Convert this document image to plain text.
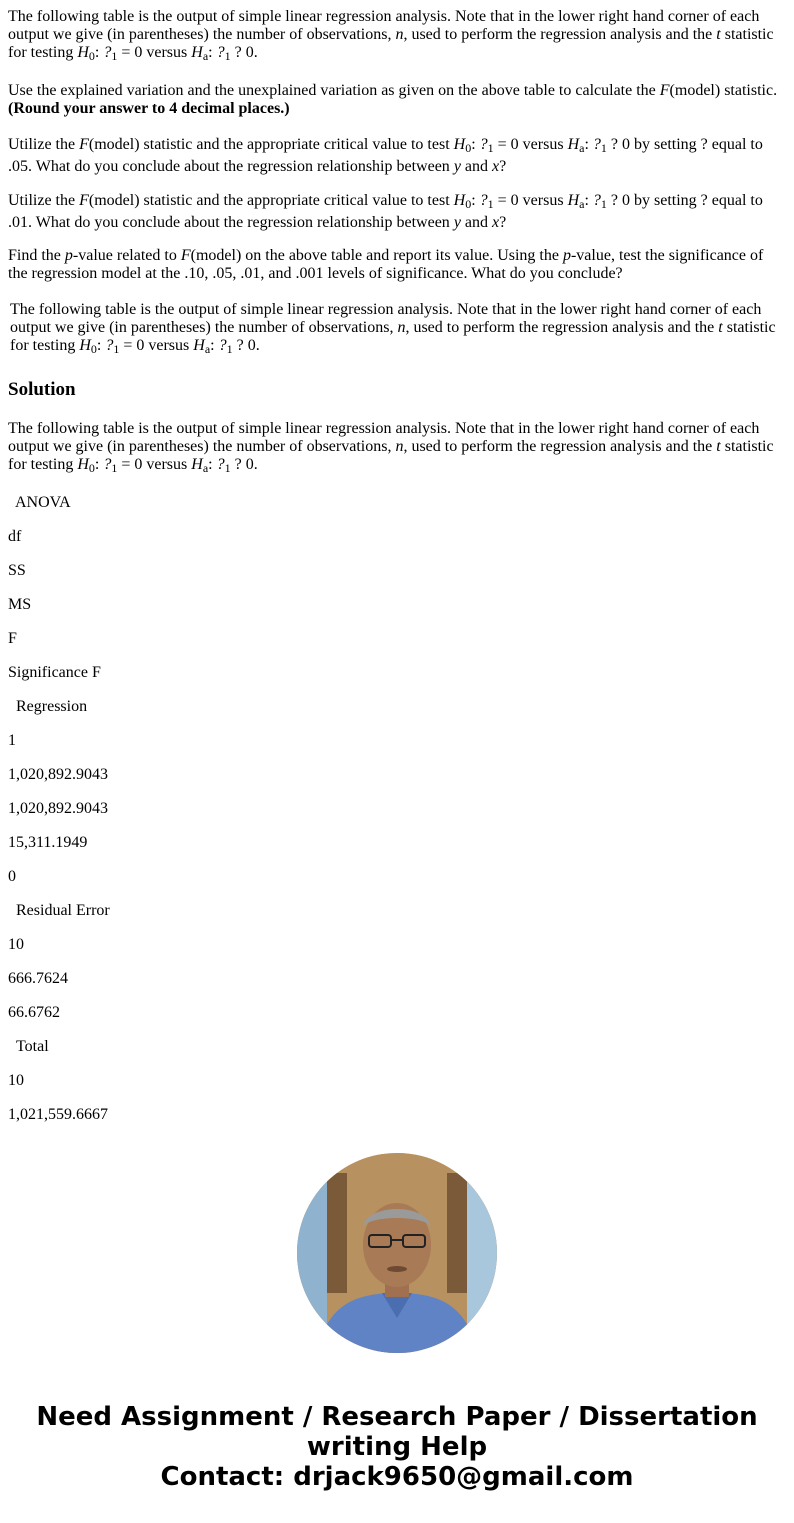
The following table is the output of simple linear regression analysis. Note that in the lower right hand corner of each output we give (in parentheses) the number of observations, n, used to perform the regression analysis and the t statistic for testing $H_0$: $?_1 = 0$ versus $H_a$: $?_1$ ? 0.

Use the explained variation and the unexplained variation as given on the above table to calculate the F(model) statistic.
(Round your answer to 4 decimal places.)

Utilize the F(model) statistic and the appropriate critical value to test $H_0$: $?_1 = 0$ versus $H_a$: $?_1$ ? 0 by setting ? equal to .05. What do you conclude about the regression relationship between y and x?

Utilize the F(model) statistic and the appropriate critical value to test $H_0$: $?_1 = 0$ versus $H_a$: $?_1$ ? 0 by setting ? equal to .01. What do you conclude about the regression relationship between y and x?

Find the p-value related to F(model) on the above table and report its value. Using the p-value, test the significance of the regression model at the .10, .05, .01, and .001 levels of significance. What do you conclude?

The following table is the output of simple linear regression analysis. Note that in the lower right hand corner of each output we give (in parentheses) the number of observations, n, used to perform the regression analysis and the t statistic for testing $H_0$: $?_1 = 0$ versus $H_a$: $?_1$ ? 0.

Solution

The following table is the output of simple linear regression analysis. Note that in the lower right hand corner of each output we give (in parentheses) the number of observations, n, used to perform the regression analysis and the t statistic for testing $H_0$: $?_1 = 0$ versus $H_a$: $?_1$ ? 0.

ANOVA
df
SS
MS
F
Significance F
Regression
1
1,020,892.9043
1,020,892.9043
15,311.1949
0
Residual Error
10
666.7624
66.6762
Total
10
1,021,559.6667
Need Assignment / Research Paper / Dissertation
writing Help
Contact: drjack9650@gmail.com
